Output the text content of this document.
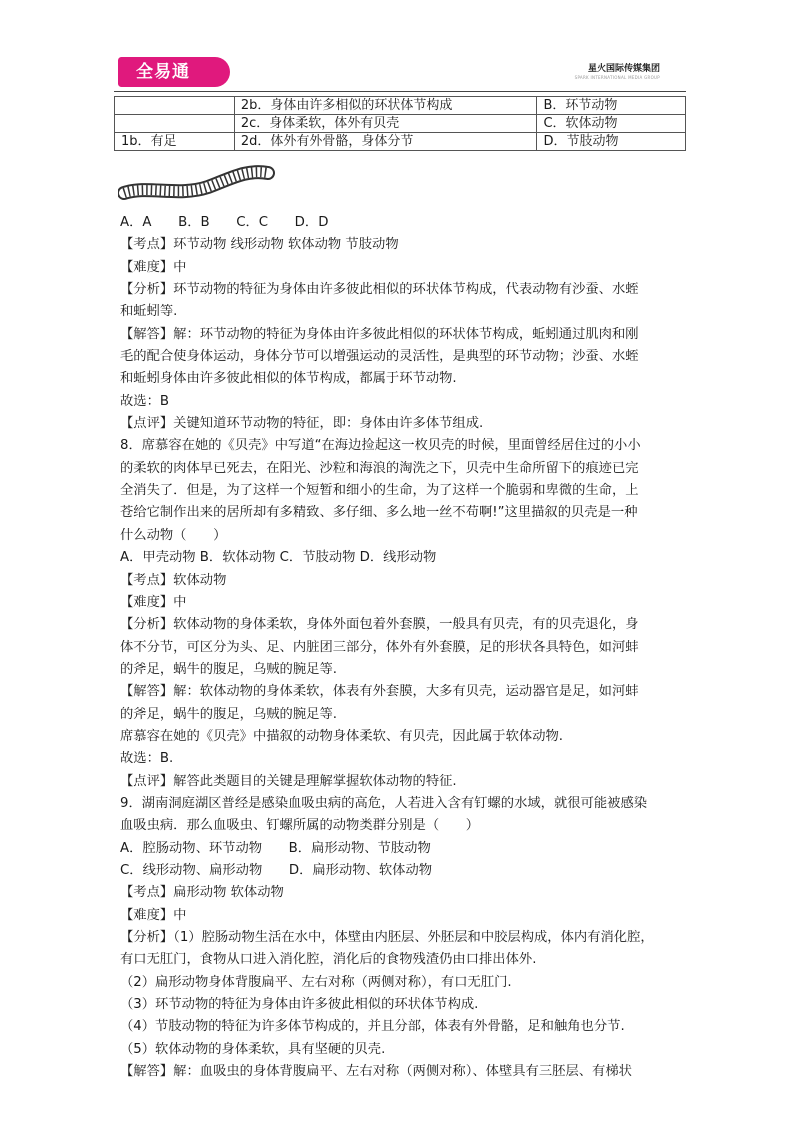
全易通	星火国际传媒集团
SPARK INTERNATIONAL MEDIA GROUP
	2b．身体由许多相似的环状体节构成	B．环节动物
	2c．身体柔软，体外有贝壳	C．软体动物
1b．有足	2d．体外有外骨骼，身体分节	D．节肢动物

A．A　　B．B　　C．C　　D．D

【考点】环节动物 线形动物 软体动物 节肢动物

【难度】中

【分析】环节动物的特征为身体由许多彼此相似的环状体节构成，代表动物有沙蚕、水蛭

和蚯蚓等.

【解答】解：环节动物的特征为身体由许多彼此相似的环状体节构成，蚯蚓通过肌肉和刚

毛的配合使身体运动，身体分节可以增强运动的灵活性，是典型的环节动物；沙蚕、水蛭

和蚯蚓身体由许多彼此相似的体节构成，都属于环节动物.

故选：B

【点评】关键知道环节动物的特征，即：身体由许多体节组成.

8．席慕容在她的《贝壳》中写道“在海边捡起这一枚贝壳的时候，里面曾经居住过的小小

的柔软的肉体早已死去，在阳光、沙粒和海浪的淘洗之下，贝壳中生命所留下的痕迹已完

全消失了．但是，为了这样一个短暂和细小的生命，为了这样一个脆弱和卑微的生命，上

苍给它制作出来的居所却有多精致、多仔细、多么地一丝不苟啊!”这里描叙的贝壳是一种

什么动物（　　）

A．甲壳动物 B．软体动物 C．节肢动物 D．线形动物

【考点】软体动物

【难度】中

【分析】软体动物的身体柔软，身体外面包着外套膜，一般具有贝壳，有的贝壳退化，身

体不分节，可区分为头、足、内脏团三部分，体外有外套膜，足的形状各具特色，如河蚌

的斧足，蜗牛的腹足，乌贼的腕足等.

【解答】解：软体动物的身体柔软，体表有外套膜，大多有贝壳，运动器官是足，如河蚌

的斧足，蜗牛的腹足，乌贼的腕足等.

席慕容在她的《贝壳》中描叙的动物身体柔软、有贝壳，因此属于软体动物.

故选：B.

【点评】解答此类题目的关键是理解掌握软体动物的特征.

9．湖南洞庭湖区普经是感染血吸虫病的高危，人若进入含有钉螺的水域，就很可能被感染

血吸虫病．那么血吸虫、钉螺所属的动物类群分别是（　　）

A．腔肠动物、环节动物　　B．扁形动物、节肢动物

C．线形动物、扁形动物　　D．扁形动物、软体动物

【考点】扁形动物 软体动物

【难度】中

【分析】（1）腔肠动物生活在水中，体壁由内胚层、外胚层和中胶层构成，体内有消化腔，

有口无肛门，食物从口进入消化腔，消化后的食物残渣仍由口排出体外.

（2）扁形动物身体背腹扁平、左右对称（两侧对称），有口无肛门.

（3）环节动物的特征为身体由许多彼此相似的环状体节构成.

（4）节肢动物的特征为许多体节构成的，并且分部，体表有外骨骼，足和触角也分节.

（5）软体动物的身体柔软，具有坚硬的贝壳.

【解答】解：血吸虫的身体背腹扁平、左右对称（两侧对称）、体壁具有三胚层、有梯状
